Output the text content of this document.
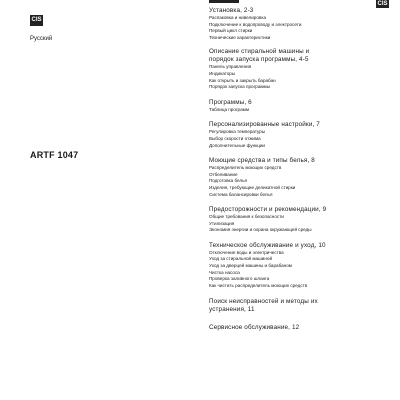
CIS
CIS
Русский
ARTF 1047
Установка, 2-3
Распаковка и нивелировка
Подключение к водопроводу и электросети
Первый цикл стирки
Технические характеристики
Описание стиральной машины и
порядок запуска программы, 4-5
Панель управления
Индикаторы
Как открыть и закрыть барабан
Порядок запуска программы
Программы, 6
Таблица программ
Персонализированные настройки, 7
Регулировка температуры
Выбор скорости отжима
Дополнительные функции
Моющие средства и типы белья, 8
Распределитель моющих средств
Отбеливание
Подготовка белья
Изделия, требующие деликатной стирки
Система балансировки белья
Предосторожности и рекомендации, 9
Общие требования к безопасности
Утилизация
Экономия энергии и охрана окружающей среды
Техническое обслуживание и уход, 10
Отключение воды и электричества
Уход за стиральной машиной
Уход за дверцей машины и барабаном
Чистка насоса
Проверка заливного шланга
Как чистить распределитель моющих средств
Поиск неисправностей и методы их
устранения, 11
Сервисное обслуживание, 12
